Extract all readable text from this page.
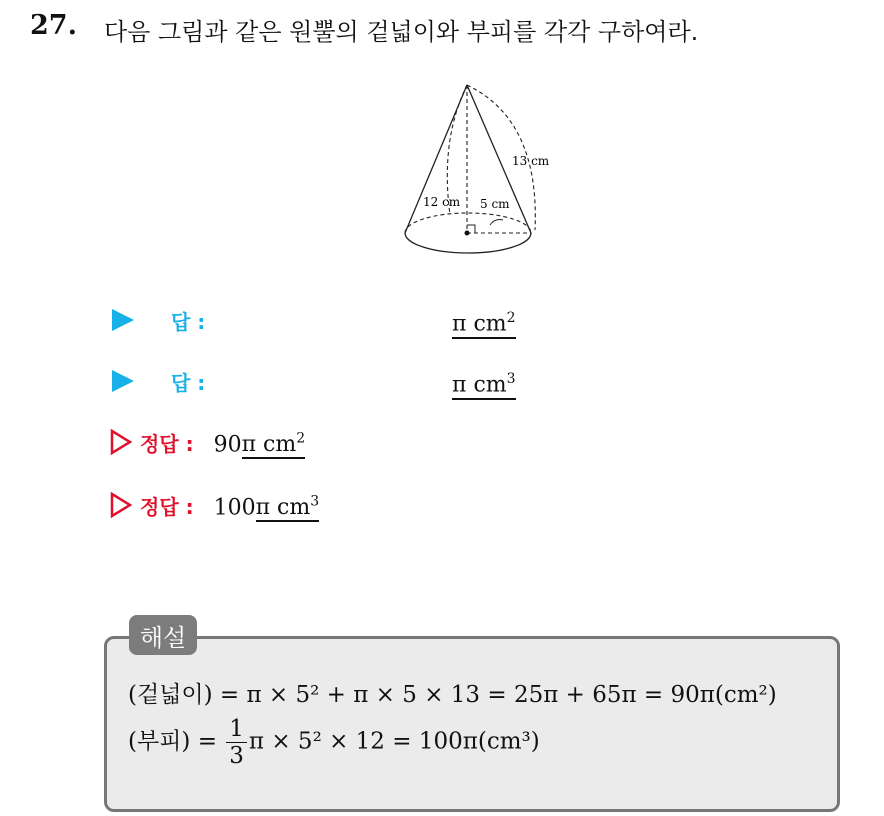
27. 다음 그림과 같은 원뿔의 겉넓이와 부피를 각각 구하여라.
13 cm
12 cm 5 cm
답 :	π $cm^2$
답 :	π $cm^3$
정답 : 90π $cm^2$
정답 : 100π $cm^3$
해설
(겉넓이) = π × 5² + π × 5 × 13 = 25π + 65π = 90π(cm²)
(부피) = $\frac{1}{3}$ π × 5² × 12 = 100π(cm³)
